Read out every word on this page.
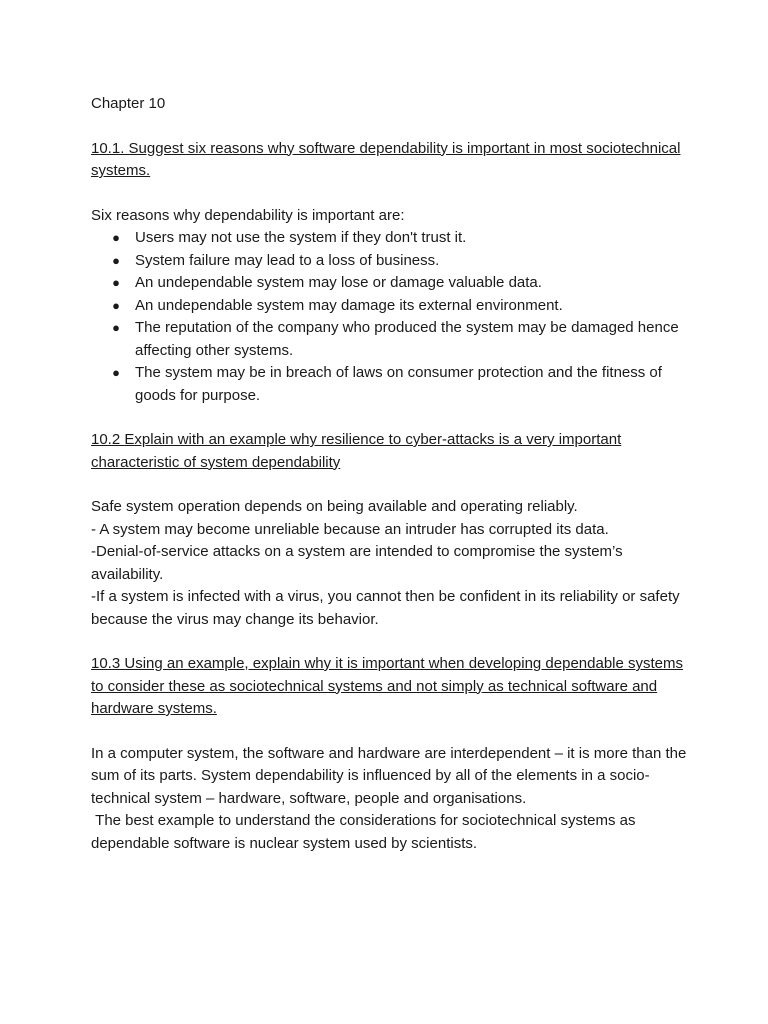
Chapter 10

10.1. Suggest six reasons why software dependability is important in most sociotechnical systems.

Six reasons why dependability is important are:

● Users may not use the system if they don't trust it.
● System failure may lead to a loss of business.
● An undependable system may lose or damage valuable data.
● An undependable system may damage its external environment.
● The reputation of the company who produced the system may be damaged hence affecting other systems.
● The system may be in breach of laws on consumer protection and the fitness of goods for purpose.

10.2 Explain with an example why resilience to cyber-attacks is a very important characteristic of system dependability

Safe system operation depends on being available and operating reliably.

- A system may become unreliable because an intruder has corrupted its data.

-Denial-of-service attacks on a system are intended to compromise the system’s availability.

-If a system is infected with a virus, you cannot then be confident in its reliability or safety because the virus may change its behavior.

10.3 Using an example, explain why it is important when developing dependable systems to consider these as sociotechnical systems and not simply as technical software and hardware systems.

In a computer system, the software and hardware are interdependent – it is more than the sum of its parts. System dependability is influenced by all of the elements in a socio-technical system – hardware, software, people and organisations.

The best example to understand the considerations for sociotechnical systems as dependable software is nuclear system used by scientists.
